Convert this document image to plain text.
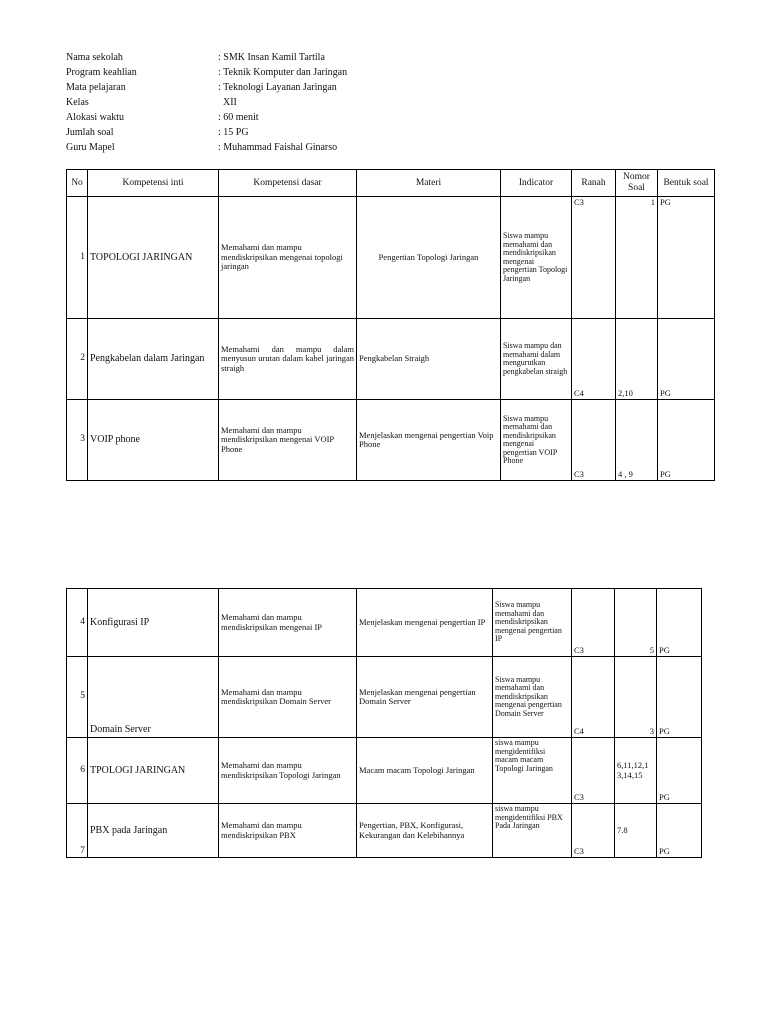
Nama sekolah	: SMK Insan Kamil Tartila
Program keahlian	: Teknik Komputer dan Jaringan
Mata pelajaran	: Teknologi Layanan Jaringan
Kelas	XII
Alokasi waktu	: 60 menit
Jumlah soal	: 15 PG
Guru Mapel	: Muhammad Faishal Ginarso
No	Kompetensi inti	Kompetensi dasar	Materi	Indicator	Ranah	Nomor Soal	Bentuk soal
1	TOPOLOGI JARINGAN	Memahami dan mampu mendiskripsikan mengenai topologi jaringan	Pengertian Topologi Jaringan	Siswa mampu memahami dan mendiskripsikan mengenai pengertian Topologi Jaringan	C3	1	PG
2	Pengkabelan dalam Jaringan	Memahami dan mampu dalam menyusun urutan dalam kabel jaringan straigh	Pengkabelan Straigh	Siswa mampu dan memahami dalam mengurutkan pengkabelan straigh	C4	2,10	PG
3	VOIP phone	Memahami dan mampu mendiskripsikan mengenai VOIP Phone	Menjelaskan mengenai pengertian Voip Phone	Siswa mampu memahami dan mendiskripsikan mengenai pengertian VOIP Phone	C3	4 , 9	PG
4	Konfigurasi IP	Memahami dan mampu mendiskripsikan mengenai IP	Menjelaskan mengenai pengertian IP	Siswa mampu memahami dan mendiskripsikan mengenai pengertian IP	C3	5	PG
5	Domain Server	Memahami dan mampu mendiskripsikan Domain Server	Menjelaskan mengenai pengertian Domain Server	Siswa mampu memahami dan mendiskripsikan mengenai pengertian Domain Server	C4	3	PG
6	TPOLOGI JARINGAN	Memahami dan mampu mendiskripsikan Topologi Jaringan	Macam macam Topologi Jaringan	siswa mampu mengidentifiksi macam macam Topologi Jaringan	C3	6,11,12,13,14,15	PG
7	PBX pada Jaringan	Memahami dan mampu mendiskripsikan PBX	Pengertian, PBX, Konfigurasi, Kekurangan dan Kelebihannya	siswa mampu mengidentifiksi PBX Pada Jaringan	C3	7.8	PG
